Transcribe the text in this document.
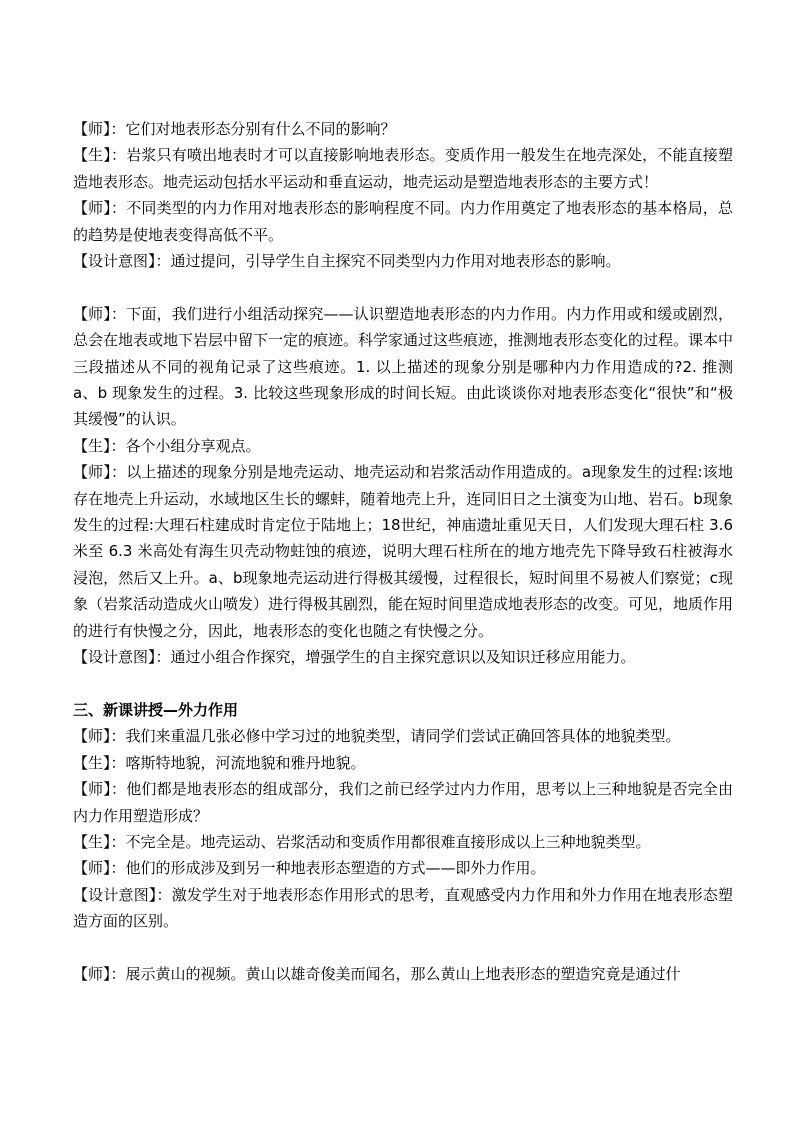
【师】：它们对地表形态分别有什么不同的影响？

【生】：岩浆只有喷出地表时才可以直接影响地表形态。变质作用一般发生在地壳深处，不能直接塑造地表形态。地壳运动包括水平运动和垂直运动，地壳运动是塑造地表形态的主要方式！

【师】：不同类型的内力作用对地表形态的影响程度不同。内力作用奠定了地表形态的基本格局，总的趋势是使地表变得高低不平。

【设计意图】：通过提问，引导学生自主探究不同类型内力作用对地表形态的影响。

【师】：下面，我们进行小组活动探究——认识塑造地表形态的内力作用。内力作用或和缓或剧烈，总会在地表或地下岩层中留下一定的痕迹。科学家通过这些痕迹，推测地表形态变化的过程。课本中三段描述从不同的视角记录了这些痕迹。1. 以上描述的现象分别是哪种内力作用造成的?2. 推测 a、b 现象发生的过程。3. 比较这些现象形成的时间长短。由此谈谈你对地表形态变化“很快”和“极其缓慢”的认识。

【生】：各个小组分享观点。

【师】：以上描述的现象分别是地壳运动、地壳运动和岩浆活动作用造成的。a现象发生的过程:该地存在地壳上升运动，水域地区生长的螺蚌，随着地壳上升，连同旧日之土演变为山地、岩石。b现象发生的过程:大理石柱建成时肯定位于陆地上；18世纪，神庙遗址重见天日，人们发现大理石柱 3.6 米至 6.3 米高处有海生贝壳动物蛀蚀的痕迹，说明大理石柱所在的地方地壳先下降导致石柱被海水浸泡，然后又上升。a、b现象地壳运动进行得极其缓慢，过程很长，短时间里不易被人们察觉；c现象（岩浆活动造成火山喷发）进行得极其剧烈，能在短时间里造成地表形态的改变。可见，地质作用的进行有快慢之分，因此，地表形态的变化也随之有快慢之分。

【设计意图】：通过小组合作探究，增强学生的自主探究意识以及知识迁移应用能力。

三、新课讲授—外力作用

【师】：我们来重温几张必修中学习过的地貌类型，请同学们尝试正确回答具体的地貌类型。

【生】：喀斯特地貌，河流地貌和雅丹地貌。

【师】：他们都是地表形态的组成部分，我们之前已经学过内力作用，思考以上三种地貌是否完全由内力作用塑造形成？

【生】：不完全是。地壳运动、岩浆活动和变质作用都很难直接形成以上三种地貌类型。

【师】：他们的形成涉及到另一种地表形态塑造的方式——即外力作用。

【设计意图】：激发学生对于地表形态作用形式的思考，直观感受内力作用和外力作用在地表形态塑造方面的区别。

【师】：展示黄山的视频。黄山以雄奇俊美而闻名，那么黄山上地表形态的塑造究竟是通过什
